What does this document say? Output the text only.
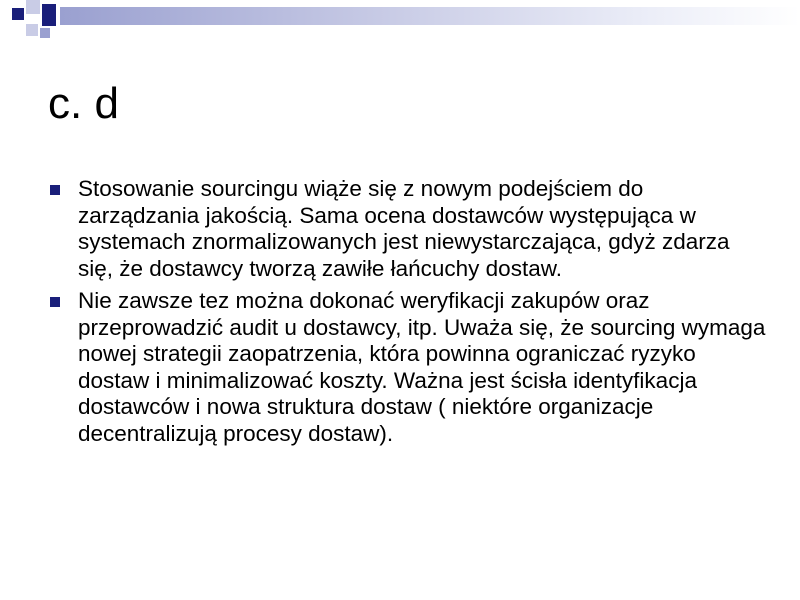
c. d
Stosowanie sourcingu wiąże się z nowym podejściem do zarządzania jakością. Sama ocena dostawców występująca w systemach znormalizowanych jest niewystarczająca, gdyż zdarza się, że dostawcy tworzą zawiłe łańcuchy dostaw.
Nie zawsze tez można dokonać weryfikacji zakupów oraz przeprowadzić audit u dostawcy, itp. Uważa się, że sourcing wymaga nowej strategii zaopatrzenia, która powinna ograniczać ryzyko dostaw i minimalizować koszty. Ważna jest ścisła identyfikacja dostawców i nowa struktura dostaw ( niektóre organizacje decentralizują procesy dostaw).
